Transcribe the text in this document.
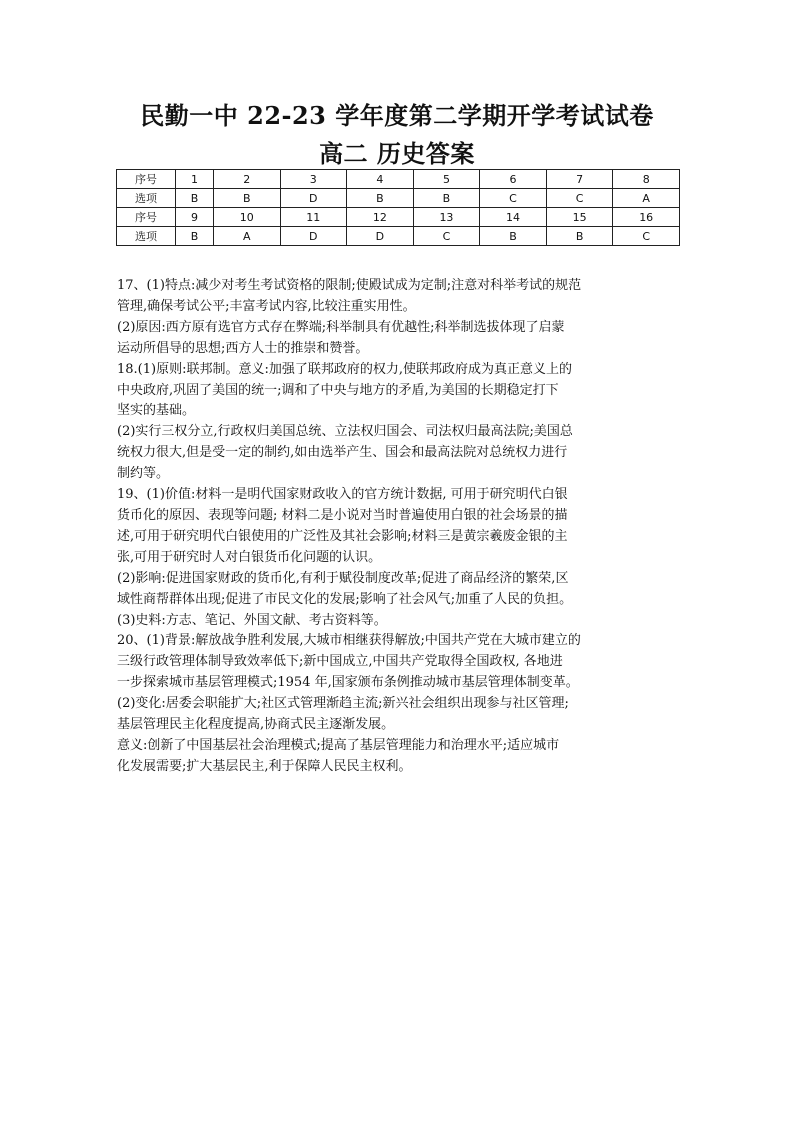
民勤一中 22-23 学年度第二学期开学考试试卷
高二 历史答案
序号	1	2	3	4	5	6	7	8
选项	B	B	D	B	B	C	C	A
序号	9	10	11	12	13	14	15	16
选项	B	A	D	D	C	B	B	C

17、(1)特点:减少对考生考试资格的限制;使殿试成为定制;注意对科举考试的规范
管理,确保考试公平;丰富考试内容,比较注重实用性。

(2)原因:西方原有选官方式存在弊端;科举制具有优越性;科举制选拔体现了启蒙
运动所倡导的思想;西方人士的推崇和赞誉。

18.(1)原则:联邦制。意义:加强了联邦政府的权力,使联邦政府成为真正意义上的
中央政府,巩固了美国的统一;调和了中央与地方的矛盾,为美国的长期稳定打下
坚实的基础。

(2)实行三权分立,行政权归美国总统、立法权归国会、司法权归最高法院;美国总
统权力很大,但是受一定的制约,如由选举产生、国会和最高法院对总统权力进行
制约等。

19、(1)价值:材料一是明代国家财政收入的官方统计数据, 可用于研究明代白银
货币化的原因、表现等问题; 材料二是小说对当时普遍使用白银的社会场景的描
述,可用于研究明代白银使用的广泛性及其社会影响;材料三是黄宗羲废金银的主
张,可用于研究时人对白银货币化问题的认识。

(2)影响:促进国家财政的货币化,有利于赋役制度改革;促进了商品经济的繁荣,区
域性商帮群体出现;促进了市民文化的发展;影响了社会风气;加重了人民的负担。

(3)史料:方志、笔记、外国文献、考古资料等。

20、(1)背景:解放战争胜利发展,大城市相继获得解放;中国共产党在大城市建立的
三级行政管理体制导致效率低下;新中国成立,中国共产党取得全国政权, 各地进
一步探索城市基层管理模式;1954 年,国家颁布条例推动城市基层管理体制变革。

(2)变化:居委会职能扩大;社区式管理渐趋主流;新兴社会组织出现参与社区管理;
基层管理民主化程度提高,协商式民主逐渐发展。

意义:创新了中国基层社会治理模式;提高了基层管理能力和治理水平;适应城市
化发展需要;扩大基层民主,利于保障人民民主权利。
